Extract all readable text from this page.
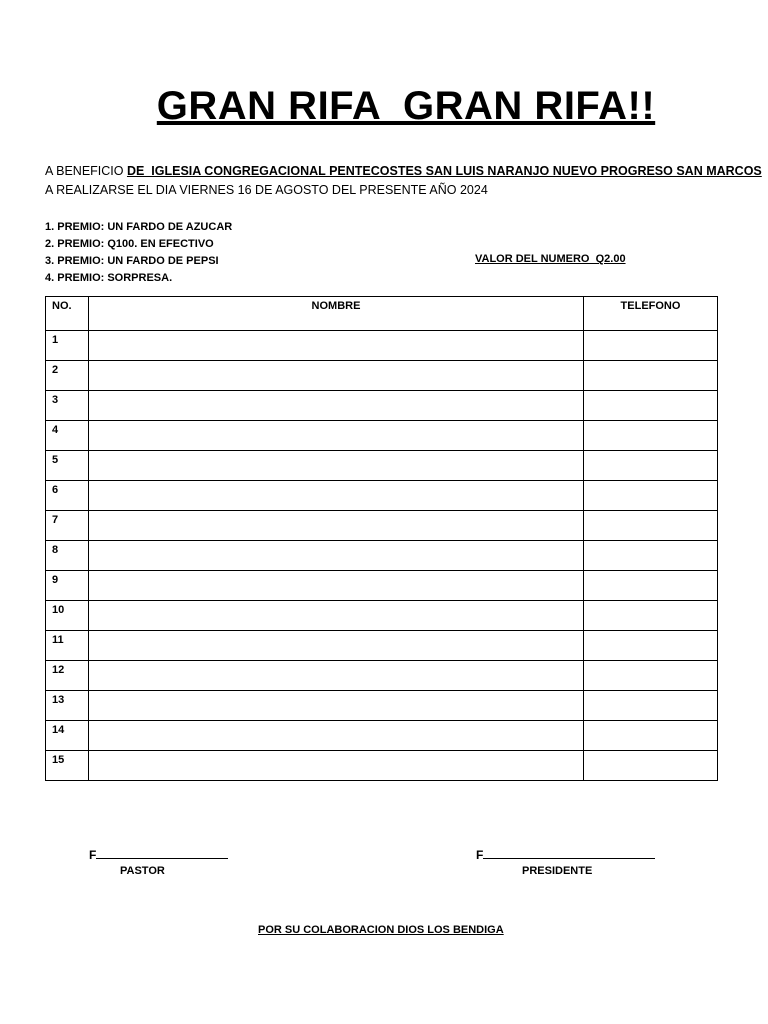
GRAN RIFA  GRAN RIFA!!
A BENEFICIO DE  IGLESIA CONGREGACIONAL PENTECOSTES SAN LUIS NARANJO NUEVO PROGRESO SAN MARCOS
A REALIZARSE EL DIA VIERNES 16 DE AGOSTO DEL PRESENTE AÑO 2024
1. PREMIO: UN FARDO DE AZUCAR
2. PREMIO: Q100. EN EFECTIVO
3. PREMIO: UN FARDO DE PEPSI
4. PREMIO: SORPRESA.
VALOR DEL NUMERO  Q2.00
NO.	NOMBRE	TELEFONO
1		
2		
3		
4		
5		
6		
7		
8		
9		
10		
11		
12		
13		
14		
15		
F
PASTOR
F
PRESIDENTE
POR SU COLABORACION DIOS LOS BENDIGA
